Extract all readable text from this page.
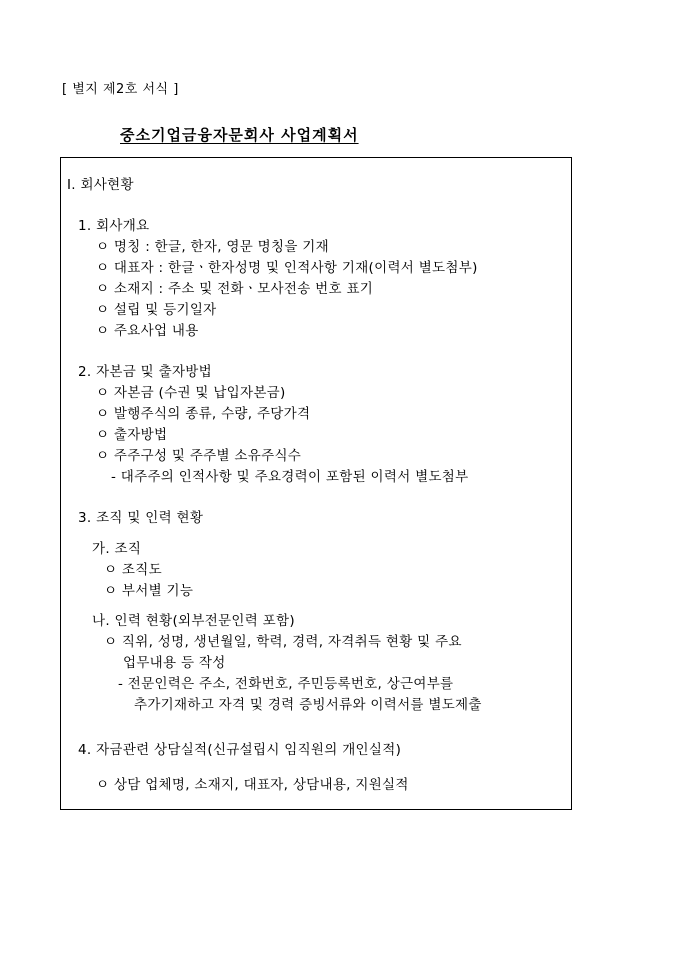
[ 별지 제2호 서식 ]
중소기업금융자문회사 사업계획서
Ⅰ. 회사현황
1. 회사개요
ㅇ 명칭 : 한글, 한자, 영문 명칭을 기재
ㅇ 대표자 : 한글ㆍ한자성명 및 인적사항 기재(이력서 별도첨부)
ㅇ 소재지 : 주소 및 전화ㆍ모사전송 번호 표기
ㅇ 설립 및 등기일자
ㅇ 주요사업 내용
2. 자본금 및 출자방법
ㅇ 자본금 (수권 및 납입자본금)
ㅇ 발행주식의 종류, 수량, 주당가격
ㅇ 출자방법
ㅇ 주주구성 및 주주별 소유주식수
- 대주주의 인적사항 및 주요경력이 포함된 이력서 별도첨부
3. 조직 및 인력 현황
가. 조직
ㅇ 조직도
ㅇ 부서별 기능
나. 인력 현황(외부전문인력 포함)
ㅇ 직위, 성명, 생년월일, 학력, 경력, 자격취득 현황 및 주요
업무내용 등 작성
- 전문인력은 주소, 전화번호, 주민등록번호, 상근여부를
추가기재하고 자격 및 경력 증빙서류와 이력서를 별도제출
4. 자금관련 상담실적(신규설립시 임직원의 개인실적)
ㅇ 상담 업체명, 소재지, 대표자, 상담내용, 지원실적
